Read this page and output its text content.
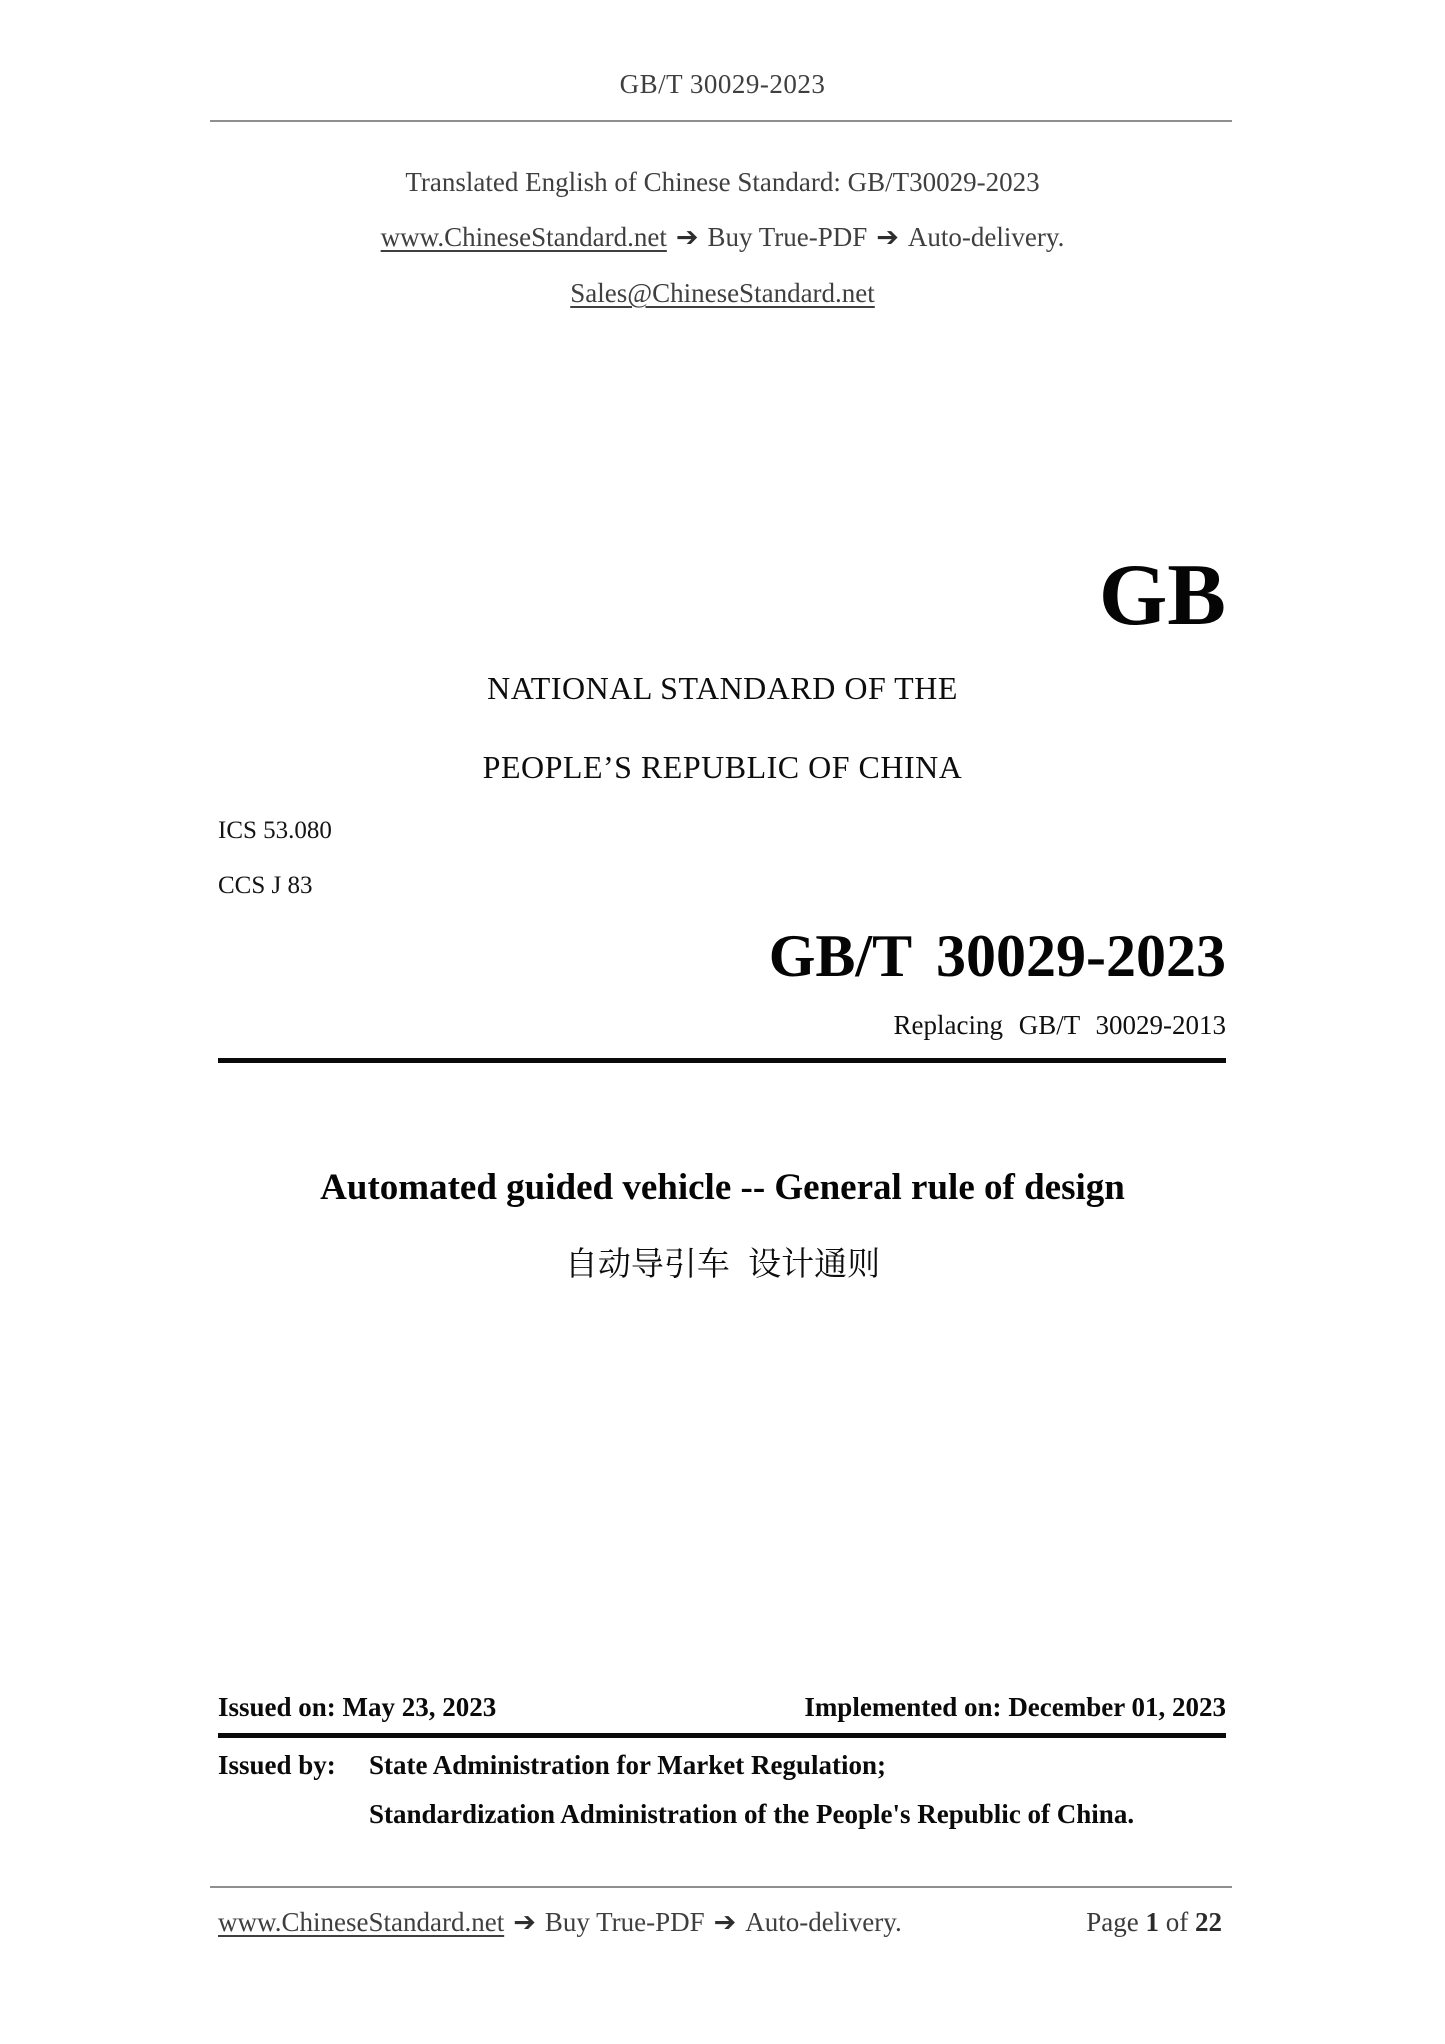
GB/T 30029-2023
Translated English of Chinese Standard: GB/T30029-2023
www.ChineseStandard.net ➔ Buy True-PDF ➔ Auto-delivery.
Sales@ChineseStandard.net
GB
NATIONAL STANDARD OF THE
PEOPLE’S REPUBLIC OF CHINA
ICS 53.080
CCS J 83
GB/T 30029-2023
Replacing GB/T 30029-2013
Automated guided vehicle -- General rule of design
自动导引车 设计通则
Issued on: May 23, 2023	Implemented on: December 01, 2023
Issued by:	State Administration for Market Regulation;
Standardization Administration of the People's Republic of China.
www.ChineseStandard.net ➔ Buy True-PDF ➔ Auto-delivery.	Page 1 of 22
